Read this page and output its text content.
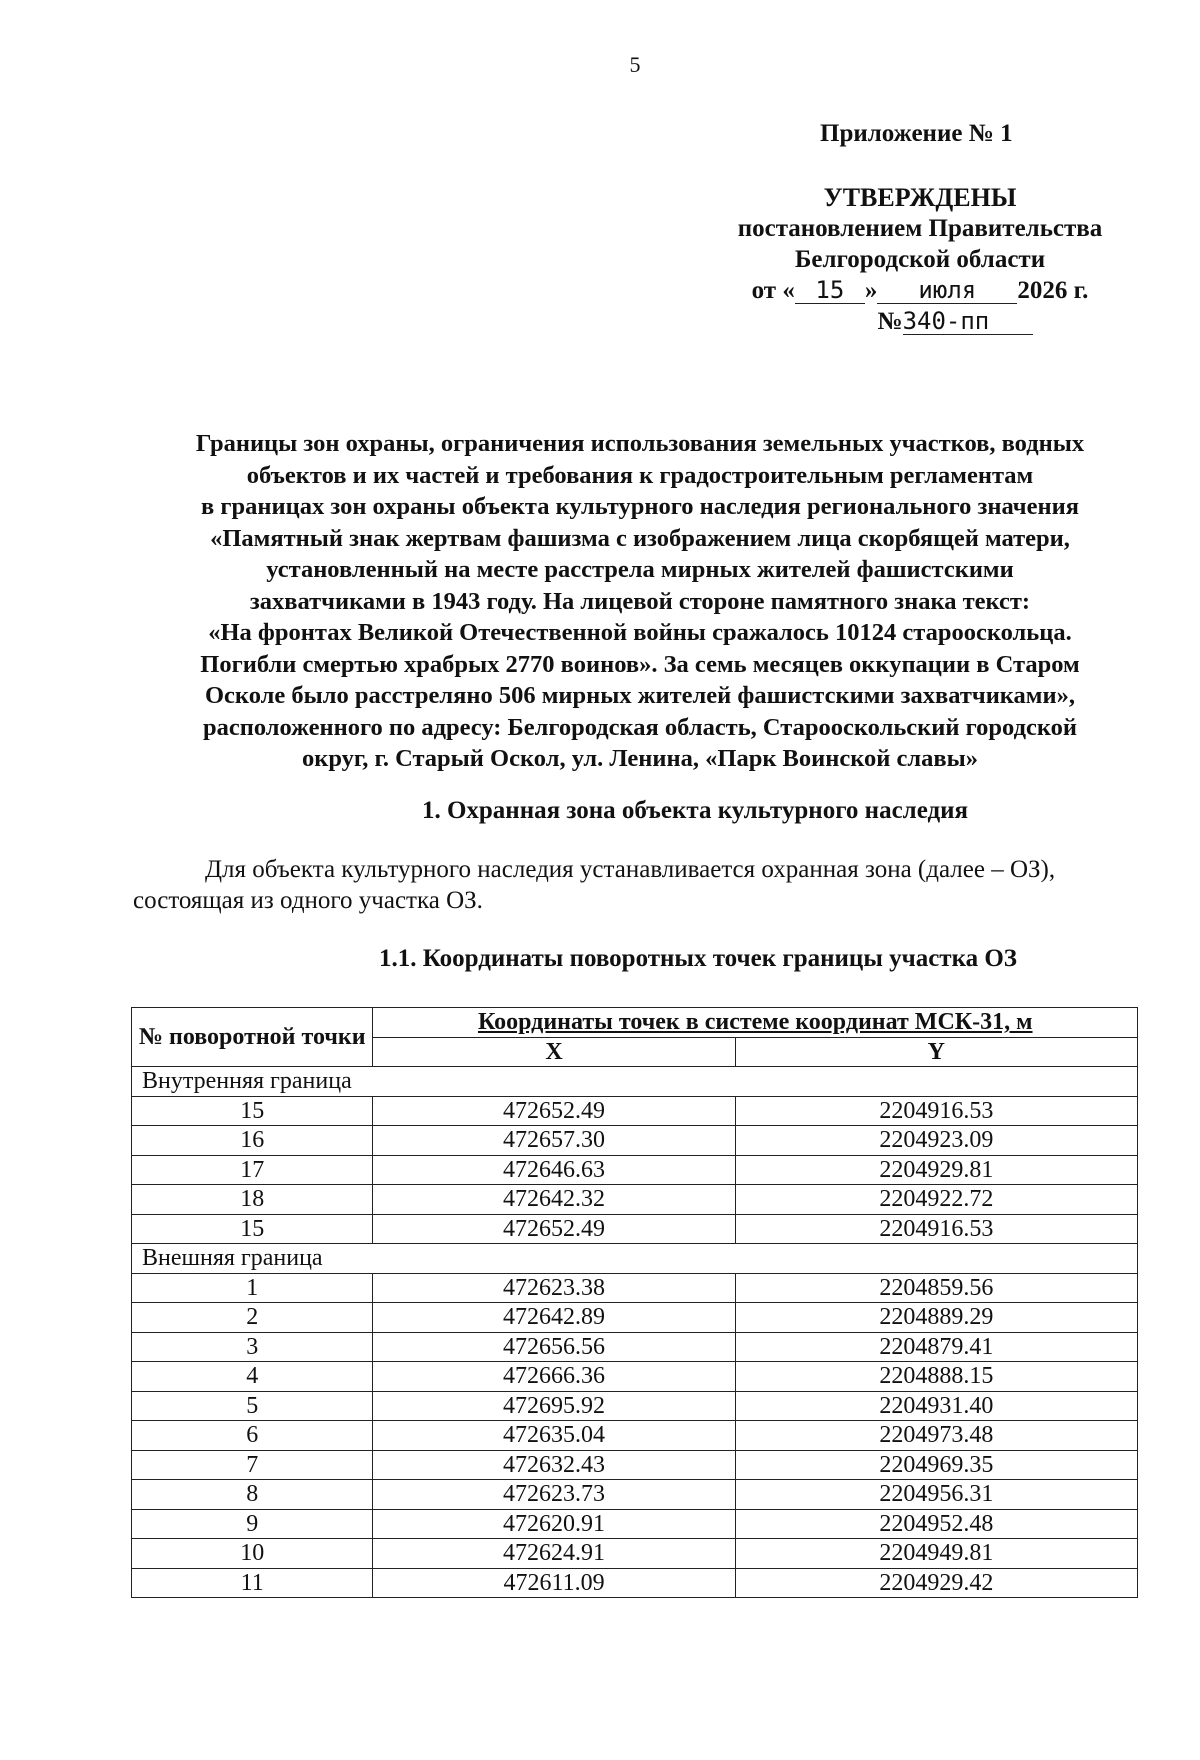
5
Приложение № 1
УТВЕРЖДЕНЫ
постановлением Правительства
Белгородской области
от « 15 » июля 2026 г.
№340-пп
Границы зон охраны, ограничения использования земельных участков, водных
объектов и их частей и требования к градостроительным регламентам
в границах зон охраны объекта культурного наследия регионального значения
«Памятный знак жертвам фашизма с изображением лица скорбящей матери,
установленный на месте расстрела мирных жителей фашистскими
захватчиками в 1943 году. На лицевой стороне памятного знака текст:
«На фронтах Великой Отечественной войны сражалось 10124 старооскольца.
Погибли смертью храбрых 2770 воинов». За семь месяцев оккупации в Старом
Осколе было расстреляно 506 мирных жителей фашистскими захватчиками»,
расположенного по адресу: Белгородская область, Старооскольский городской
округ, г. Старый Оскол, ул. Ленина, «Парк Воинской славы»
1. Охранная зона объекта культурного наследия
Для объекта культурного наследия устанавливается охранная зона (далее – ОЗ),
состоящая из одного участка ОЗ.
1.1. Координаты поворотных точек границы участка ОЗ
№ поворотной точки	Координаты точек в системе координат МСК-31, м	
	X	Y
Внутренняя граница		
15	472652.49	2204916.53
16	472657.30	2204923.09
17	472646.63	2204929.81
18	472642.32	2204922.72
15	472652.49	2204916.53
Внешняя граница		
1	472623.38	2204859.56
2	472642.89	2204889.29
3	472656.56	2204879.41
4	472666.36	2204888.15
5	472695.92	2204931.40
6	472635.04	2204973.48
7	472632.43	2204969.35
8	472623.73	2204956.31
9	472620.91	2204952.48
10	472624.91	2204949.81
11	472611.09	2204929.42
